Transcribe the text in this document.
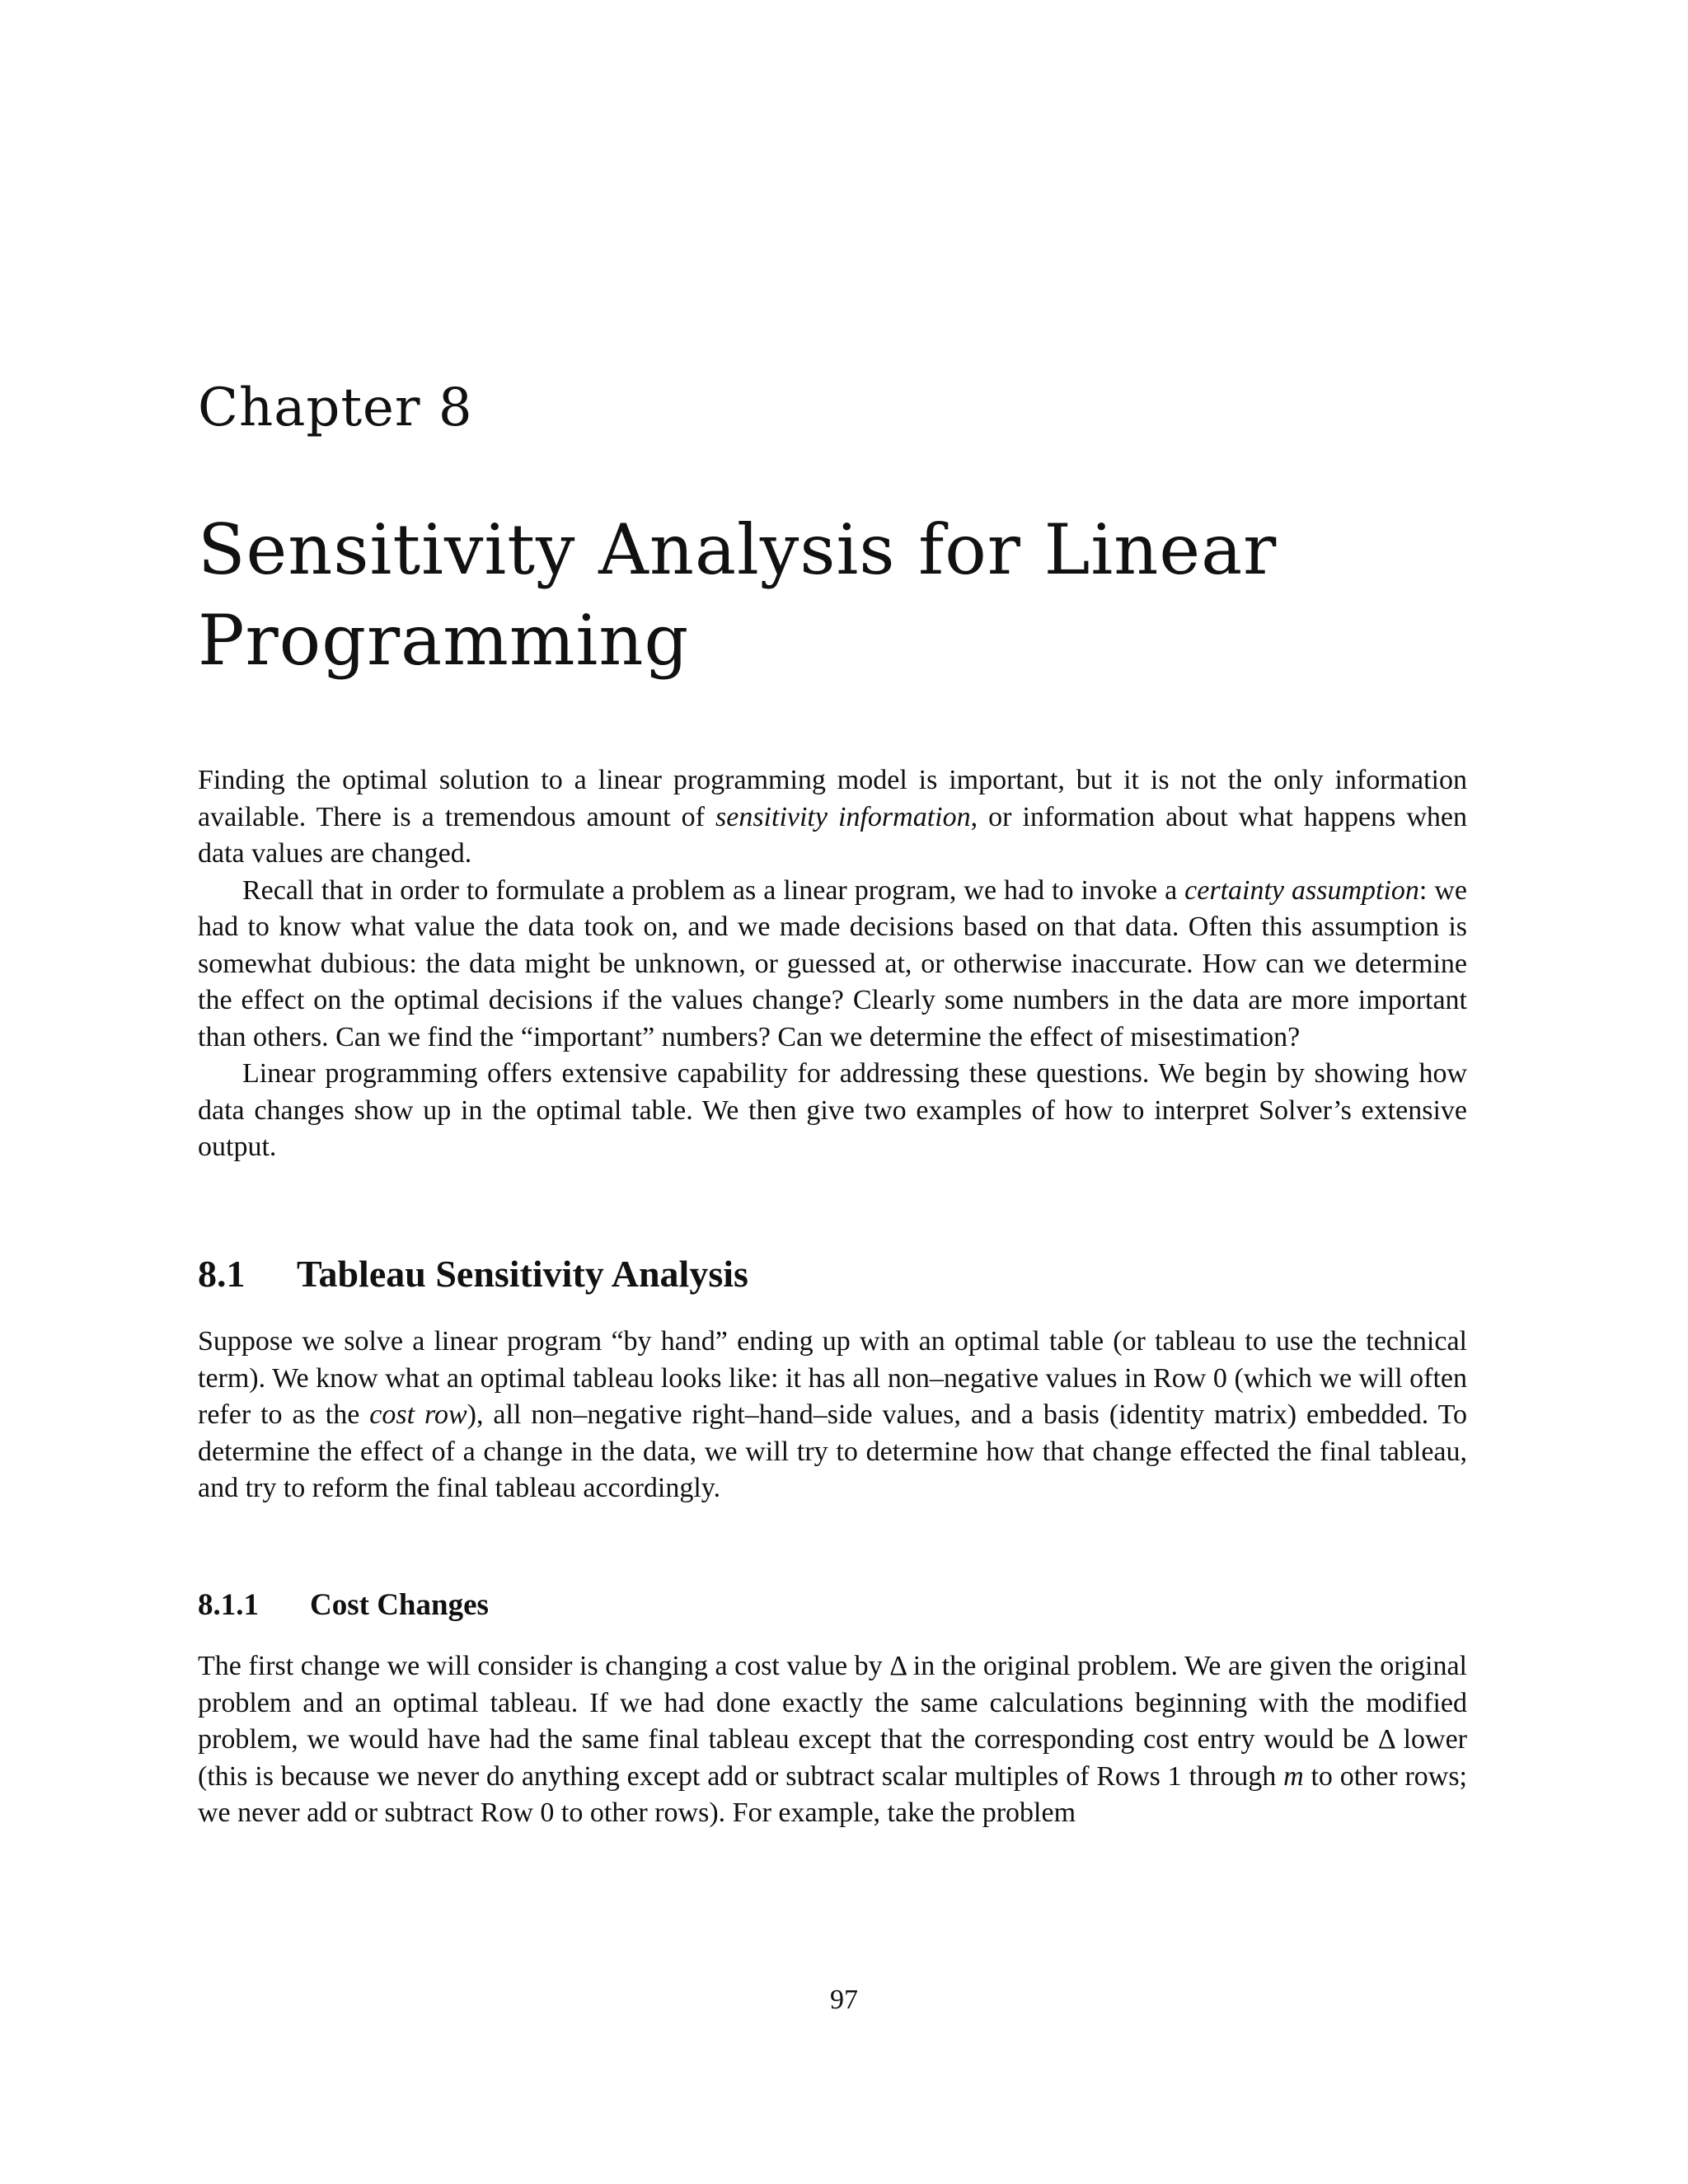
Chapter 8
Sensitivity Analysis for Linear Programming

Finding the optimal solution to a linear programming model is important, but it is not the only information available. There is a tremendous amount of sensitivity information, or information about what happens when data values are changed.

Recall that in order to formulate a problem as a linear program, we had to invoke a certainty assumption: we had to know what value the data took on, and we made decisions based on that data. Often this assumption is somewhat dubious: the data might be unknown, or guessed at, or otherwise inaccurate. How can we determine the effect on the optimal decisions if the values change? Clearly some numbers in the data are more important than others. Can we find the “important” numbers? Can we determine the effect of misestimation?

Linear programming offers extensive capability for addressing these questions. We begin by showing how data changes show up in the optimal table. We then give two examples of how to interpret Solver’s extensive output.

8.1 Tableau Sensitivity Analysis

Suppose we solve a linear program “by hand” ending up with an optimal table (or tableau to use the technical term). We know what an optimal tableau looks like: it has all non–negative values in Row 0 (which we will often refer to as the cost row), all non–negative right–hand–side values, and a basis (identity matrix) embedded. To determine the effect of a change in the data, we will try to determine how that change effected the final tableau, and try to reform the final tableau accordingly.

8.1.1 Cost Changes

The first change we will consider is changing a cost value by Δ in the original problem. We are given the original problem and an optimal tableau. If we had done exactly the same calculations beginning with the modified problem, we would have had the same final tableau except that the corresponding cost entry would be Δ lower (this is because we never do anything except add or subtract scalar multiples of Rows 1 through m to other rows; we never add or subtract Row 0 to other rows). For example, take the problem

97
